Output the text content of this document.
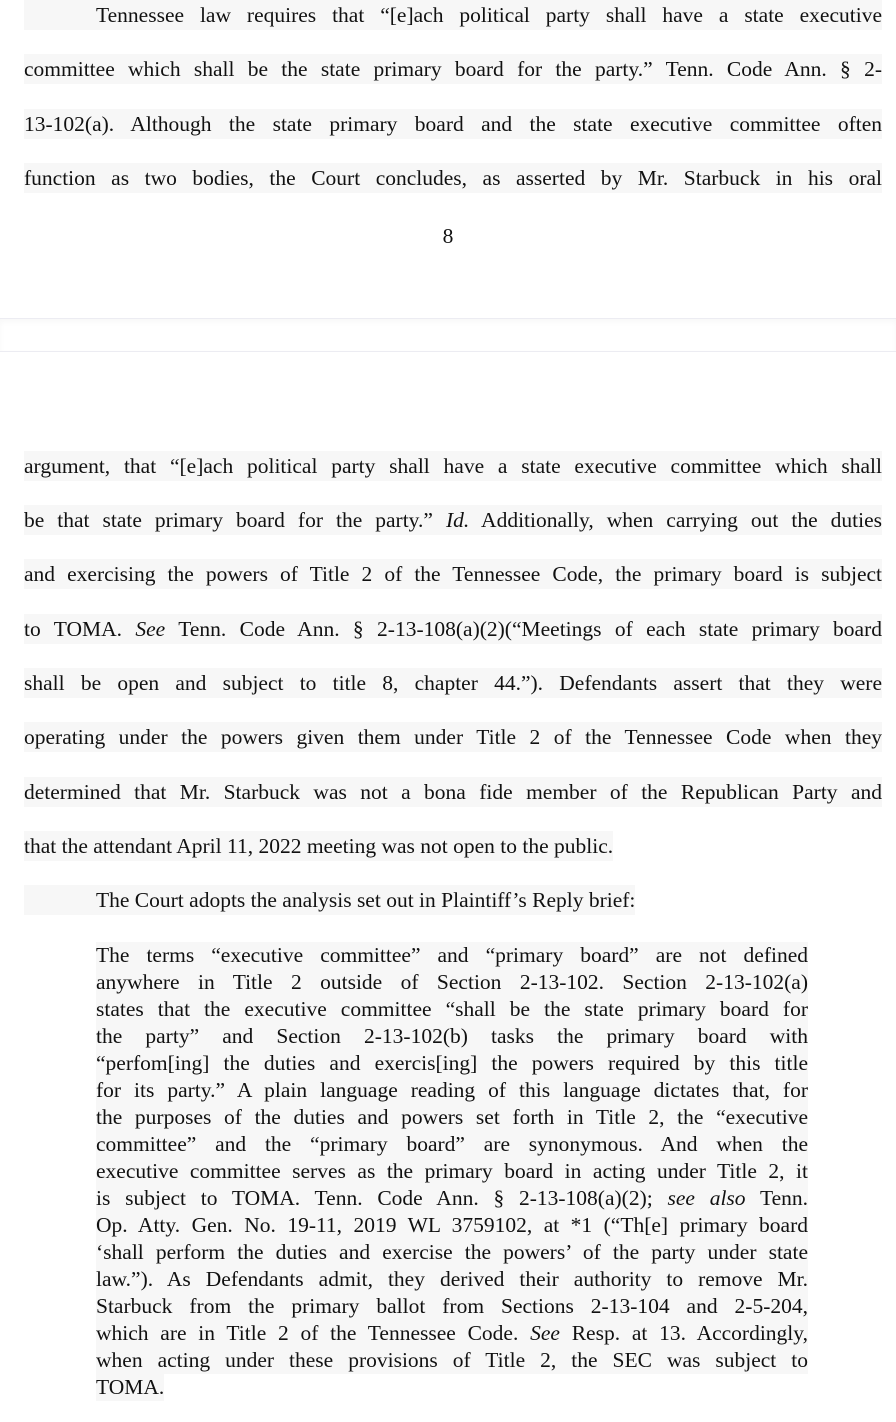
Tennessee law requires that “[e]ach political party shall have a state executive
committee which shall be the state primary board for the party.” Tenn. Code Ann. § 2-
13-102(a). Although the state primary board and the state executive committee often
function as two bodies, the Court concludes, as asserted by Mr. Starbuck in his oral
8
argument, that “[e]ach political party shall have a state executive committee which shall
be that state primary board for the party.” Id. Additionally, when carrying out the duties
and exercising the powers of Title 2 of the Tennessee Code, the primary board is subject
to TOMA. See Tenn. Code Ann. § 2-13-108(a)(2)(“Meetings of each state primary board
shall be open and subject to title 8, chapter 44.”). Defendants assert that they were
operating under the powers given them under Title 2 of the Tennessee Code when they
determined that Mr. Starbuck was not a bona fide member of the Republican Party and
that the attendant April 11, 2022 meeting was not open to the public.
The Court adopts the analysis set out in Plaintiff’s Reply brief:
The terms “executive committee” and “primary board” are not defined
anywhere in Title 2 outside of Section 2-13-102. Section 2-13-102(a)
states that the executive committee “shall be the state primary board for
the party” and Section 2-13-102(b) tasks the primary board with
“perfom[ing] the duties and exercis[ing] the powers required by this title
for its party.” A plain language reading of this language dictates that, for
the purposes of the duties and powers set forth in Title 2, the “executive
committee” and the “primary board” are synonymous. And when the
executive committee serves as the primary board in acting under Title 2, it
is subject to TOMA. Tenn. Code Ann. § 2-13-108(a)(2); see also Tenn.
Op. Atty. Gen. No. 19-11, 2019 WL 3759102, at *1 (“Th[e] primary board
‘shall perform the duties and exercise the powers’ of the party under state
law.”). As Defendants admit, they derived their authority to remove Mr.
Starbuck from the primary ballot from Sections 2-13-104 and 2-5-204,
which are in Title 2 of the Tennessee Code. See Resp. at 13. Accordingly,
when acting under these provisions of Title 2, the SEC was subject to
TOMA.
